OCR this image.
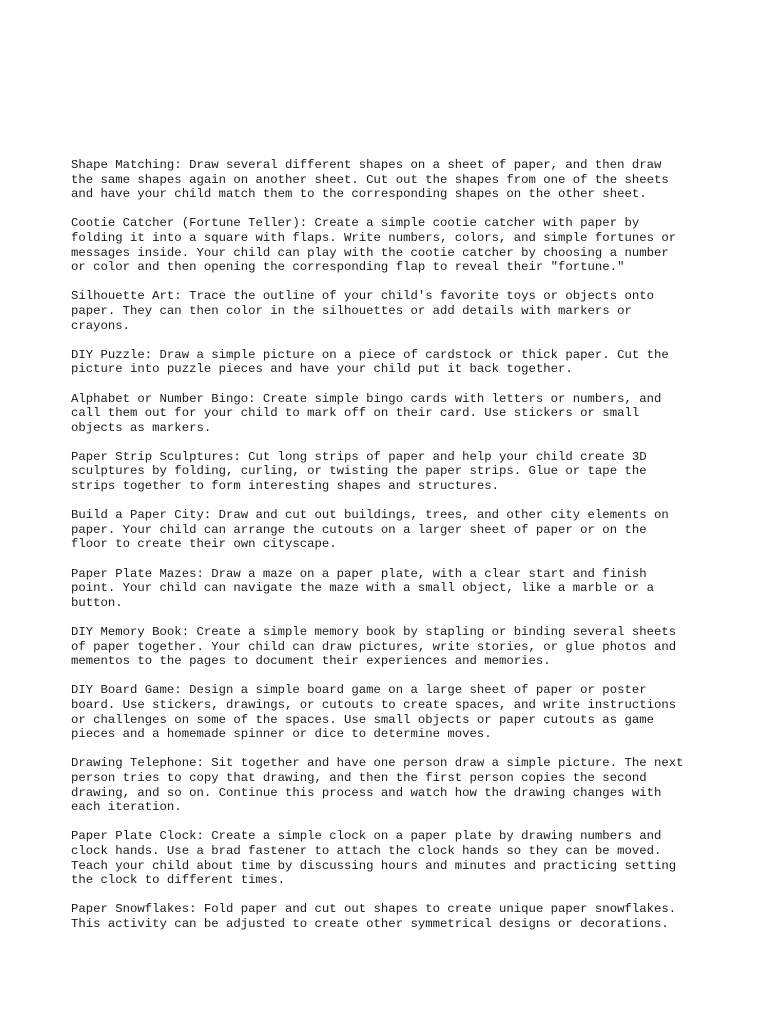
Shape Matching: Draw several different shapes on a sheet of paper, and then draw
the same shapes again on another sheet. Cut out the shapes from one of the sheets
and have your child match them to the corresponding shapes on the other sheet.
Cootie Catcher (Fortune Teller): Create a simple cootie catcher with paper by
folding it into a square with flaps. Write numbers, colors, and simple fortunes or
messages inside. Your child can play with the cootie catcher by choosing a number
or color and then opening the corresponding flap to reveal their "fortune."
Silhouette Art: Trace the outline of your child's favorite toys or objects onto
paper. They can then color in the silhouettes or add details with markers or
crayons.
DIY Puzzle: Draw a simple picture on a piece of cardstock or thick paper. Cut the
picture into puzzle pieces and have your child put it back together.
Alphabet or Number Bingo: Create simple bingo cards with letters or numbers, and
call them out for your child to mark off on their card. Use stickers or small
objects as markers.
Paper Strip Sculptures: Cut long strips of paper and help your child create 3D
sculptures by folding, curling, or twisting the paper strips. Glue or tape the
strips together to form interesting shapes and structures.
Build a Paper City: Draw and cut out buildings, trees, and other city elements on
paper. Your child can arrange the cutouts on a larger sheet of paper or on the
floor to create their own cityscape.
Paper Plate Mazes: Draw a maze on a paper plate, with a clear start and finish
point. Your child can navigate the maze with a small object, like a marble or a
button.
DIY Memory Book: Create a simple memory book by stapling or binding several sheets
of paper together. Your child can draw pictures, write stories, or glue photos and
mementos to the pages to document their experiences and memories.
DIY Board Game: Design a simple board game on a large sheet of paper or poster
board. Use stickers, drawings, or cutouts to create spaces, and write instructions
or challenges on some of the spaces. Use small objects or paper cutouts as game
pieces and a homemade spinner or dice to determine moves.
Drawing Telephone: Sit together and have one person draw a simple picture. The next
person tries to copy that drawing, and then the first person copies the second
drawing, and so on. Continue this process and watch how the drawing changes with
each iteration.
Paper Plate Clock: Create a simple clock on a paper plate by drawing numbers and
clock hands. Use a brad fastener to attach the clock hands so they can be moved.
Teach your child about time by discussing hours and minutes and practicing setting
the clock to different times.
Paper Snowflakes: Fold paper and cut out shapes to create unique paper snowflakes.
This activity can be adjusted to create other symmetrical designs or decorations.
